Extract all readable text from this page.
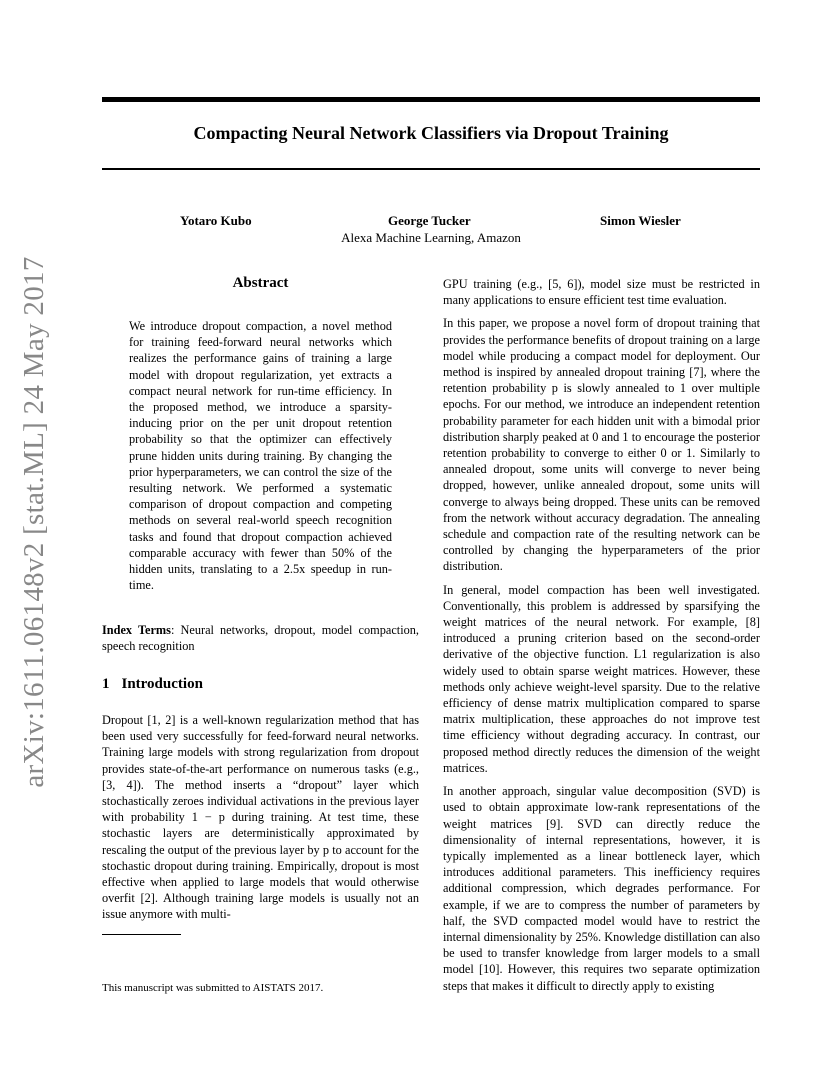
arXiv:1611.06148v2 [stat.ML] 24 May 2017
Compacting Neural Network Classifiers via Dropout Training
Yotaro Kubo	George Tucker	Simon Wiesler
Alexa Machine Learning, Amazon
Abstract
We introduce dropout compaction, a novel method for training feed-forward neural networks which realizes the performance gains of training a large model with dropout regularization, yet extracts a compact neural network for run-time efficiency. In the proposed method, we introduce a sparsity-inducing prior on the per unit dropout retention probability so that the optimizer can effectively prune hidden units during training. By changing the prior hyperparameters, we can control the size of the resulting network. We performed a systematic comparison of dropout compaction and competing methods on several real-world speech recognition tasks and found that dropout compaction achieved comparable accuracy with fewer than 50% of the hidden units, translating to a 2.5x speedup in run-time.
Index Terms: Neural networks, dropout, model compaction, speech recognition
1 Introduction
Dropout [1, 2] is a well-known regularization method that has been used very successfully for feed-forward neural networks. Training large models with strong regularization from dropout provides state-of-the-art performance on numerous tasks (e.g., [3, 4]). The method inserts a “dropout” layer which stochastically zeroes individual activations in the previous layer with probability 1 − p during training. At test time, these stochastic layers are deterministically approximated by rescaling the output of the previous layer by p to account for the stochastic dropout during training. Empirically, dropout is most effective when applied to large models that would otherwise overfit [2]. Although training large models is usually not an issue anymore with multi-
This manuscript was submitted to AISTATS 2017.

GPU training (e.g., [5, 6]), model size must be restricted in many applications to ensure efficient test time evaluation.

In this paper, we propose a novel form of dropout training that provides the performance benefits of dropout training on a large model while producing a compact model for deployment. Our method is inspired by annealed dropout training [7], where the retention probability p is slowly annealed to 1 over multiple epochs. For our method, we introduce an independent retention probability parameter for each hidden unit with a bimodal prior distribution sharply peaked at 0 and 1 to encourage the posterior retention probability to converge to either 0 or 1. Similarly to annealed dropout, some units will converge to never being dropped, however, unlike annealed dropout, some units will converge to always being dropped. These units can be removed from the network without accuracy degradation. The annealing schedule and compaction rate of the resulting network can be controlled by changing the hyperparameters of the prior distribution.

In general, model compaction has been well investigated. Conventionally, this problem is addressed by sparsifying the weight matrices of the neural network. For example, [8] introduced a pruning criterion based on the second-order derivative of the objective function. L1 regularization is also widely used to obtain sparse weight matrices. However, these methods only achieve weight-level sparsity. Due to the relative efficiency of dense matrix multiplication compared to sparse matrix multiplication, these approaches do not improve test time efficiency without degrading accuracy. In contrast, our proposed method directly reduces the dimension of the weight matrices.

In another approach, singular value decomposition (SVD) is used to obtain approximate low-rank representations of the weight matrices [9]. SVD can directly reduce the dimensionality of internal representations, however, it is typically implemented as a linear bottleneck layer, which introduces additional parameters. This inefficiency requires additional compression, which degrades performance. For example, if we are to compress the number of parameters by half, the SVD compacted model would have to restrict the internal dimensionality by 25%. Knowledge distillation can also be used to transfer knowledge from larger models to a small model [10]. However, this requires two separate optimization steps that makes it difficult to directly apply to existing
